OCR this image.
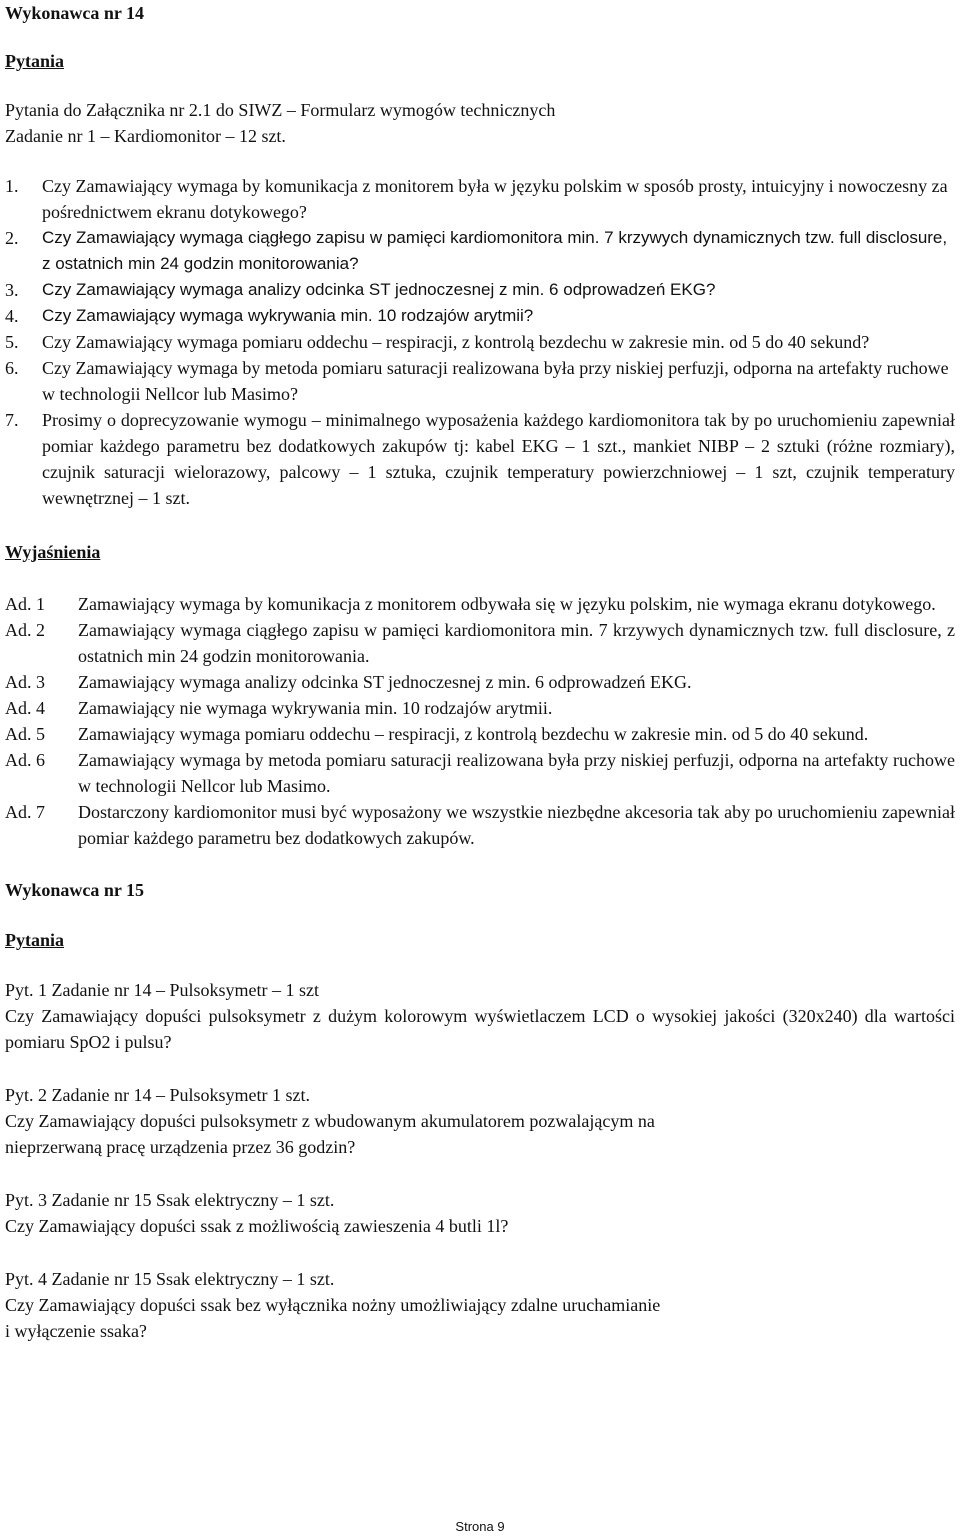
Wykonawca nr 14

Pytania

Pytania do Załącznika nr 2.1 do SIWZ – Formularz wymogów technicznych

Zadanie nr 1 – Kardiomonitor – 12 szt.

1.	Czy Zamawiający wymaga by komunikacja z monitorem była w języku polskim w sposób prosty, intuicyjny i nowoczesny za pośrednictwem ekranu dotykowego?
2.	Czy Zamawiający wymaga ciągłego zapisu w pamięci kardiomonitora min. 7 krzywych dynamicznych tzw. full disclosure, z ostatnich min 24 godzin monitorowania?
3.	Czy Zamawiający wymaga analizy odcinka ST jednoczesnej z min. 6 odprowadzeń EKG?
4.	Czy Zamawiający wymaga wykrywania min. 10 rodzajów arytmii?
5.	Czy Zamawiający wymaga pomiaru oddechu – respiracji, z kontrolą bezdechu w zakresie min. od 5 do 40 sekund?
6.	Czy Zamawiający wymaga by metoda pomiaru saturacji realizowana była przy niskiej perfuzji, odporna na artefakty ruchowe w technologii Nellcor lub Masimo?
7.	Prosimy o doprecyzowanie wymogu – minimalnego wyposażenia każdego kardiomonitora tak by po uruchomieniu zapewniał pomiar każdego parametru bez dodatkowych zakupów tj: kabel EKG – 1 szt., mankiet NIBP – 2 sztuki (różne rozmiary), czujnik saturacji wielorazowy, palcowy – 1 sztuka, czujnik temperatury powierzchniowej – 1 szt, czujnik temperatury wewnętrznej – 1 szt.

Wyjaśnienia

Ad. 1	Zamawiający wymaga by komunikacja z monitorem odbywała się w języku polskim, nie wymaga ekranu dotykowego.
Ad. 2	Zamawiający wymaga ciągłego zapisu w pamięci kardiomonitora min. 7 krzywych dynamicznych tzw. full disclosure, z ostatnich min 24 godzin monitorowania.
Ad. 3	Zamawiający wymaga analizy odcinka ST jednoczesnej z min. 6 odprowadzeń EKG.
Ad. 4	Zamawiający nie wymaga wykrywania min. 10 rodzajów arytmii.
Ad. 5	Zamawiający wymaga pomiaru oddechu – respiracji, z kontrolą bezdechu w zakresie min. od 5 do 40 sekund.
Ad. 6	Zamawiający wymaga by metoda pomiaru saturacji realizowana była przy niskiej perfuzji, odporna na artefakty ruchowe w technologii Nellcor lub Masimo.
Ad. 7	Dostarczony kardiomonitor musi być wyposażony we wszystkie niezbędne akcesoria tak aby po uruchomieniu zapewniał pomiar każdego parametru bez dodatkowych zakupów.

Wykonawca nr 15

Pytania

Pyt. 1 Zadanie nr 14 – Pulsoksymetr – 1 szt

Czy Zamawiający dopuści pulsoksymetr z dużym kolorowym wyświetlaczem LCD o wysokiej jakości (320x240) dla wartości pomiaru SpO2 i pulsu?

Pyt. 2 Zadanie nr 14 – Pulsoksymetr 1 szt.

Czy Zamawiający dopuści pulsoksymetr z wbudowanym akumulatorem pozwalającym na

nieprzerwaną pracę urządzenia przez 36 godzin?

Pyt. 3 Zadanie nr 15 Ssak elektryczny – 1 szt.

Czy Zamawiający dopuści ssak z możliwością zawieszenia 4 butli 1l?

Pyt. 4 Zadanie nr 15 Ssak elektryczny – 1 szt.

Czy Zamawiający dopuści ssak bez wyłącznika nożny umożliwiający zdalne uruchamianie

i wyłączenie ssaka?

Strona 9
